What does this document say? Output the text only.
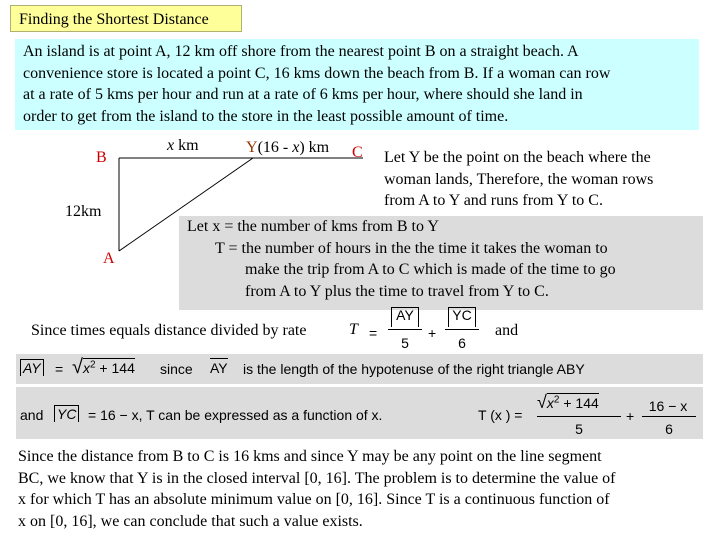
Finding the Shortest Distance
An island is at point A, 12 km off shore from the nearest point B on a straight beach. A
convenience store is located a point C, 16 kms down the beach from B. If a woman can row
at a rate of 5 kms per hour and run at a rate of 6 kms per hour, where should she land in
order to get from the island to the store in the least possible amount of time.
B
A
12km
x km	Y(16 - x) km C Let Y be the point on the beach where the
woman lands, Therefore, the woman rows
from A to Y and runs from Y to C.
Let x = the number of kms from B to Y
T = the number of hours in the the time it takes the woman to
make the trip from A to C which is made of the time to go
from A to Y plus the time to travel from Y to C.
Since times equals distance divided by rate	T =
AY
5
+
YC
6
and
AY = $√x^2 + 144$ since AY is the length of the hypotenuse of the right triangle ABY
and YC = 16 − x, T can be expressed as a function of x.	T (x ) =
$√x^2 + 144$
5
+
16 − x
6
Since the distance from B to C is 16 kms and since Y may be any point on the line segment
BC, we know that Y is in the closed interval [0, 16]. The problem is to determine the value of
x for which T has an absolute minimum value on [0, 16]. Since T is a continuous function of
x on [0, 16], we can conclude that such a value exists.
